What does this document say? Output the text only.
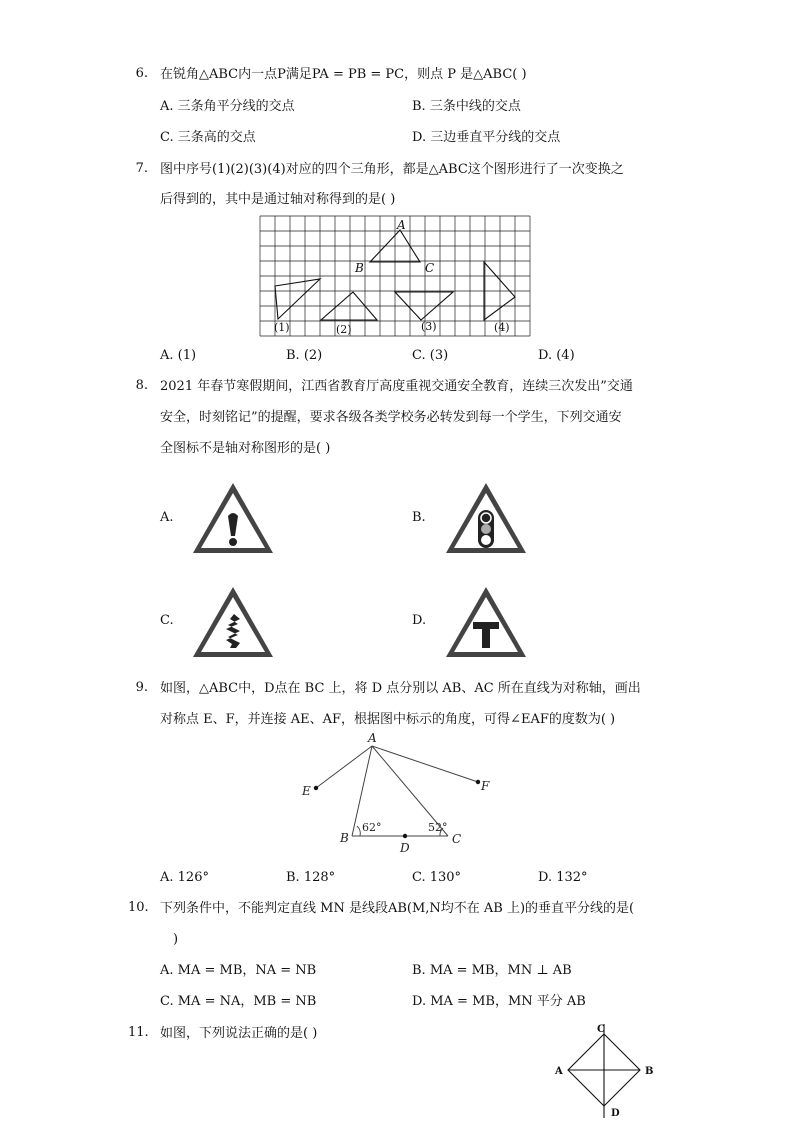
6. 在锐角△ABC内一点P满足PA = PB = PC，则点 P 是△ABC( )
A. 三条角平分线的交点	B. 三条中线的交点
C. 三条高的交点	D. 三边垂直平分线的交点
7. 图中序号(1)(2)(3)(4)对应的四个三角形，都是△ABC这个图形进行了一次变换之
后得到的，其中是通过轴对称得到的是( )
A
B	C
(1)	(2)	(3)	(4)
A. (1)	B. (2)	C. (3)	D. (4)
8. 2021 年春节寒假期间，江西省教育厅高度重视交通安全教育，连续三次发出”交通
安全，时刻铭记”的提醒，要求各级各类学校务必转发到每一个学生，下列交通安
全图标不是轴对称图形的是( )
A.	B.
C.	D.
9. 如图，△ABC中，D点在 BC 上，将 D 点分别以 AB、AC 所在直线为对称轴，画出
对称点 E、F，并连接 AE、AF，根据图中标示的角度，可得∠EAF的度数为( )
A
B	C
D
E	F
62°	52°
A. 126°	B. 128°	C. 130°	D. 132°
10. 下列条件中，不能判定直线 MN 是线段AB(M,N均不在 AB 上)的垂直平分线的是(
)
A. MA = MB，NA = NB	B. MA = MB，MN ⊥ AB
C. MA = NA，MB = NB	D. MA = MB，MN 平分 AB
11. 如图，下列说法正确的是( )	C
A	B
D
